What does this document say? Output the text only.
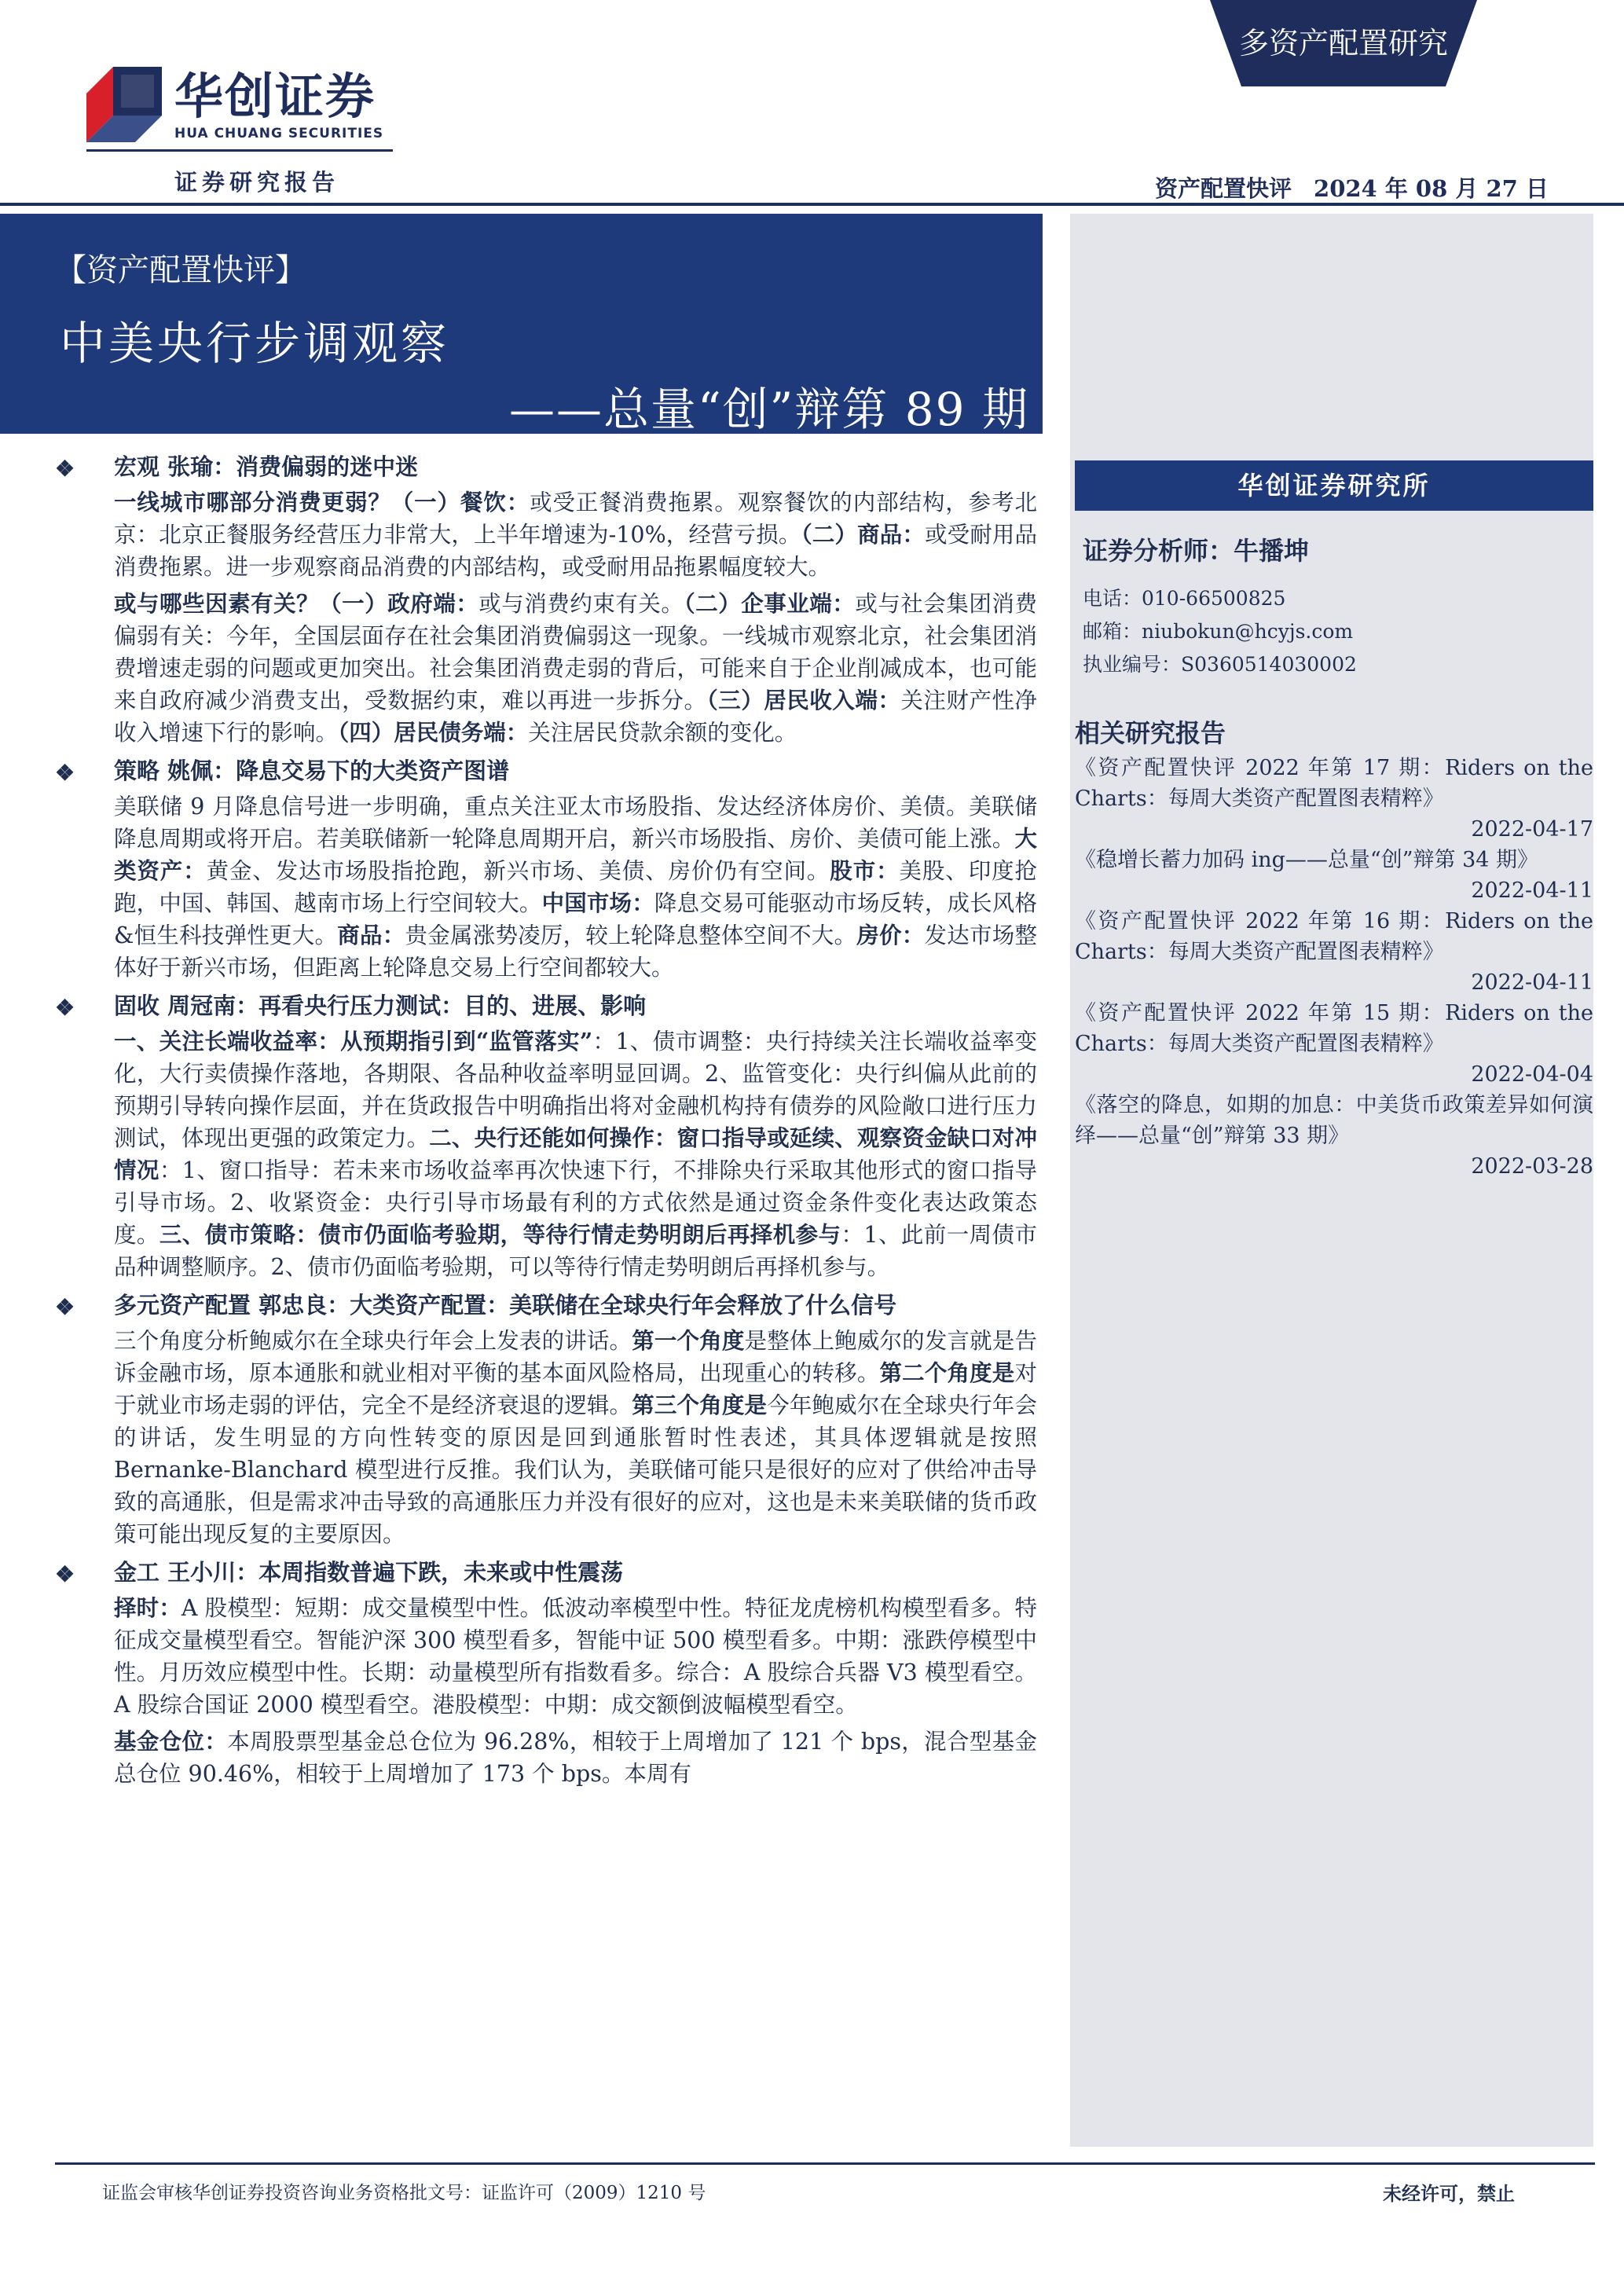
华创证券
HUA CHUANG SECURITIES
多资产配置研究
证券研究报告	资产配置快评 2024 年 08 月 27 日
【资产配置快评】
中美央行步调观察
——总量“创”辩第 89 期
❖ 宏观 张瑜：消费偏弱的迷中迷
一线城市哪部分消费更弱？（一）餐饮：或受正餐消费拖累。观察餐饮的内部结构，参考北京：北京正餐服务经营压力非常大，上半年增速为-10%，经营亏损。（二）商品：或受耐用品消费拖累。进一步观察商品消费的内部结构，或受耐用品拖累幅度较大。
或与哪些因素有关？（一）政府端：或与消费约束有关。（二）企事业端：或与社会集团消费偏弱有关：今年，全国层面存在社会集团消费偏弱这一现象。一线城市观察北京，社会集团消费增速走弱的问题或更加突出。社会集团消费走弱的背后，可能来自于企业削减成本，也可能来自政府减少消费支出，受数据约束，难以再进一步拆分。（三）居民收入端：关注财产性净收入增速下行的影响。（四）居民债务端：关注居民贷款余额的变化。
❖ 策略 姚佩：降息交易下的大类资产图谱
美联储 9 月降息信号进一步明确，重点关注亚太市场股指、发达经济体房价、美债。美联储降息周期或将开启。若美联储新一轮降息周期开启，新兴市场股指、房价、美债可能上涨。大类资产：黄金、发达市场股指抢跑，新兴市场、美债、房价仍有空间。股市：美股、印度抢跑，中国、韩国、越南市场上行空间较大。中国市场：降息交易可能驱动市场反转，成长风格&恒生科技弹性更大。商品：贵金属涨势凌厉，较上轮降息整体空间不大。房价：发达市场整体好于新兴市场，但距离上轮降息交易上行空间都较大。
❖ 固收 周冠南：再看央行压力测试：目的、进展、影响
一、关注长端收益率：从预期指引到“监管落实”：1、债市调整：央行持续关注长端收益率变化，大行卖债操作落地，各期限、各品种收益率明显回调。2、监管变化：央行纠偏从此前的预期引导转向操作层面，并在货政报告中明确指出将对金融机构持有债券的风险敞口进行压力测试，体现出更强的政策定力。二、央行还能如何操作：窗口指导或延续、观察资金缺口对冲情况：1、窗口指导：若未来市场收益率再次快速下行，不排除央行采取其他形式的窗口指导引导市场。2、收紧资金：央行引导市场最有利的方式依然是通过资金条件变化表达政策态度。三、债市策略：债市仍面临考验期，等待行情走势明朗后再择机参与：1、此前一周债市品种调整顺序。2、债市仍面临考验期，可以等待行情走势明朗后再择机参与。
❖ 多元资产配置 郭忠良：大类资产配置：美联储在全球央行年会释放了什么信号
三个角度分析鲍威尔在全球央行年会上发表的讲话。第一个角度是整体上鲍威尔的发言就是告诉金融市场，原本通胀和就业相对平衡的基本面风险格局，出现重心的转移。第二个角度是对于就业市场走弱的评估，完全不是经济衰退的逻辑。第三个角度是今年鲍威尔在全球央行年会的讲话，发生明显的方向性转变的原因是回到通胀暂时性表述，其具体逻辑就是按照 Bernanke-Blanchard 模型进行反推。我们认为，美联储可能只是很好的应对了供给冲击导致的高通胀，但是需求冲击导致的高通胀压力并没有很好的应对，这也是未来美联储的货币政策可能出现反复的主要原因。
❖ 金工 王小川：本周指数普遍下跌，未来或中性震荡
择时：A 股模型：短期：成交量模型中性。低波动率模型中性。特征龙虎榜机构模型看多。特征成交量模型看空。智能沪深 300 模型看多，智能中证 500 模型看多。中期：涨跌停模型中性。月历效应模型中性。长期：动量模型所有指数看多。综合：A 股综合兵器 V3 模型看空。A 股综合国证 2000 模型看空。港股模型：中期：成交额倒波幅模型看空。
基金仓位：本周股票型基金总仓位为 96.28%，相较于上周增加了 121 个 bps，混合型基金总仓位 90.46%，相较于上周增加了 173 个 bps。本周有
华创证券研究所
证券分析师：牛播坤
电话：010-66500825
邮箱：niubokun@hcyjs.com
执业编号：S0360514030002
相关研究报告
《资产配置快评 2022 年第 17 期：Riders on the Charts：每周大类资产配置图表精粹》
2022-04-17
《稳增长蓄力加码 ing——总量“创”辩第 34 期》
2022-04-11
《资产配置快评 2022 年第 16 期：Riders on the Charts：每周大类资产配置图表精粹》
2022-04-11
《资产配置快评 2022 年第 15 期：Riders on the Charts：每周大类资产配置图表精粹》
2022-04-04
《落空的降息，如期的加息：中美货币政策差异如何演绎——总量“创”辩第 33 期》
2022-03-28
证监会审核华创证券投资咨询业务资格批文号：证监许可（2009）1210 号	未经许可，禁止
